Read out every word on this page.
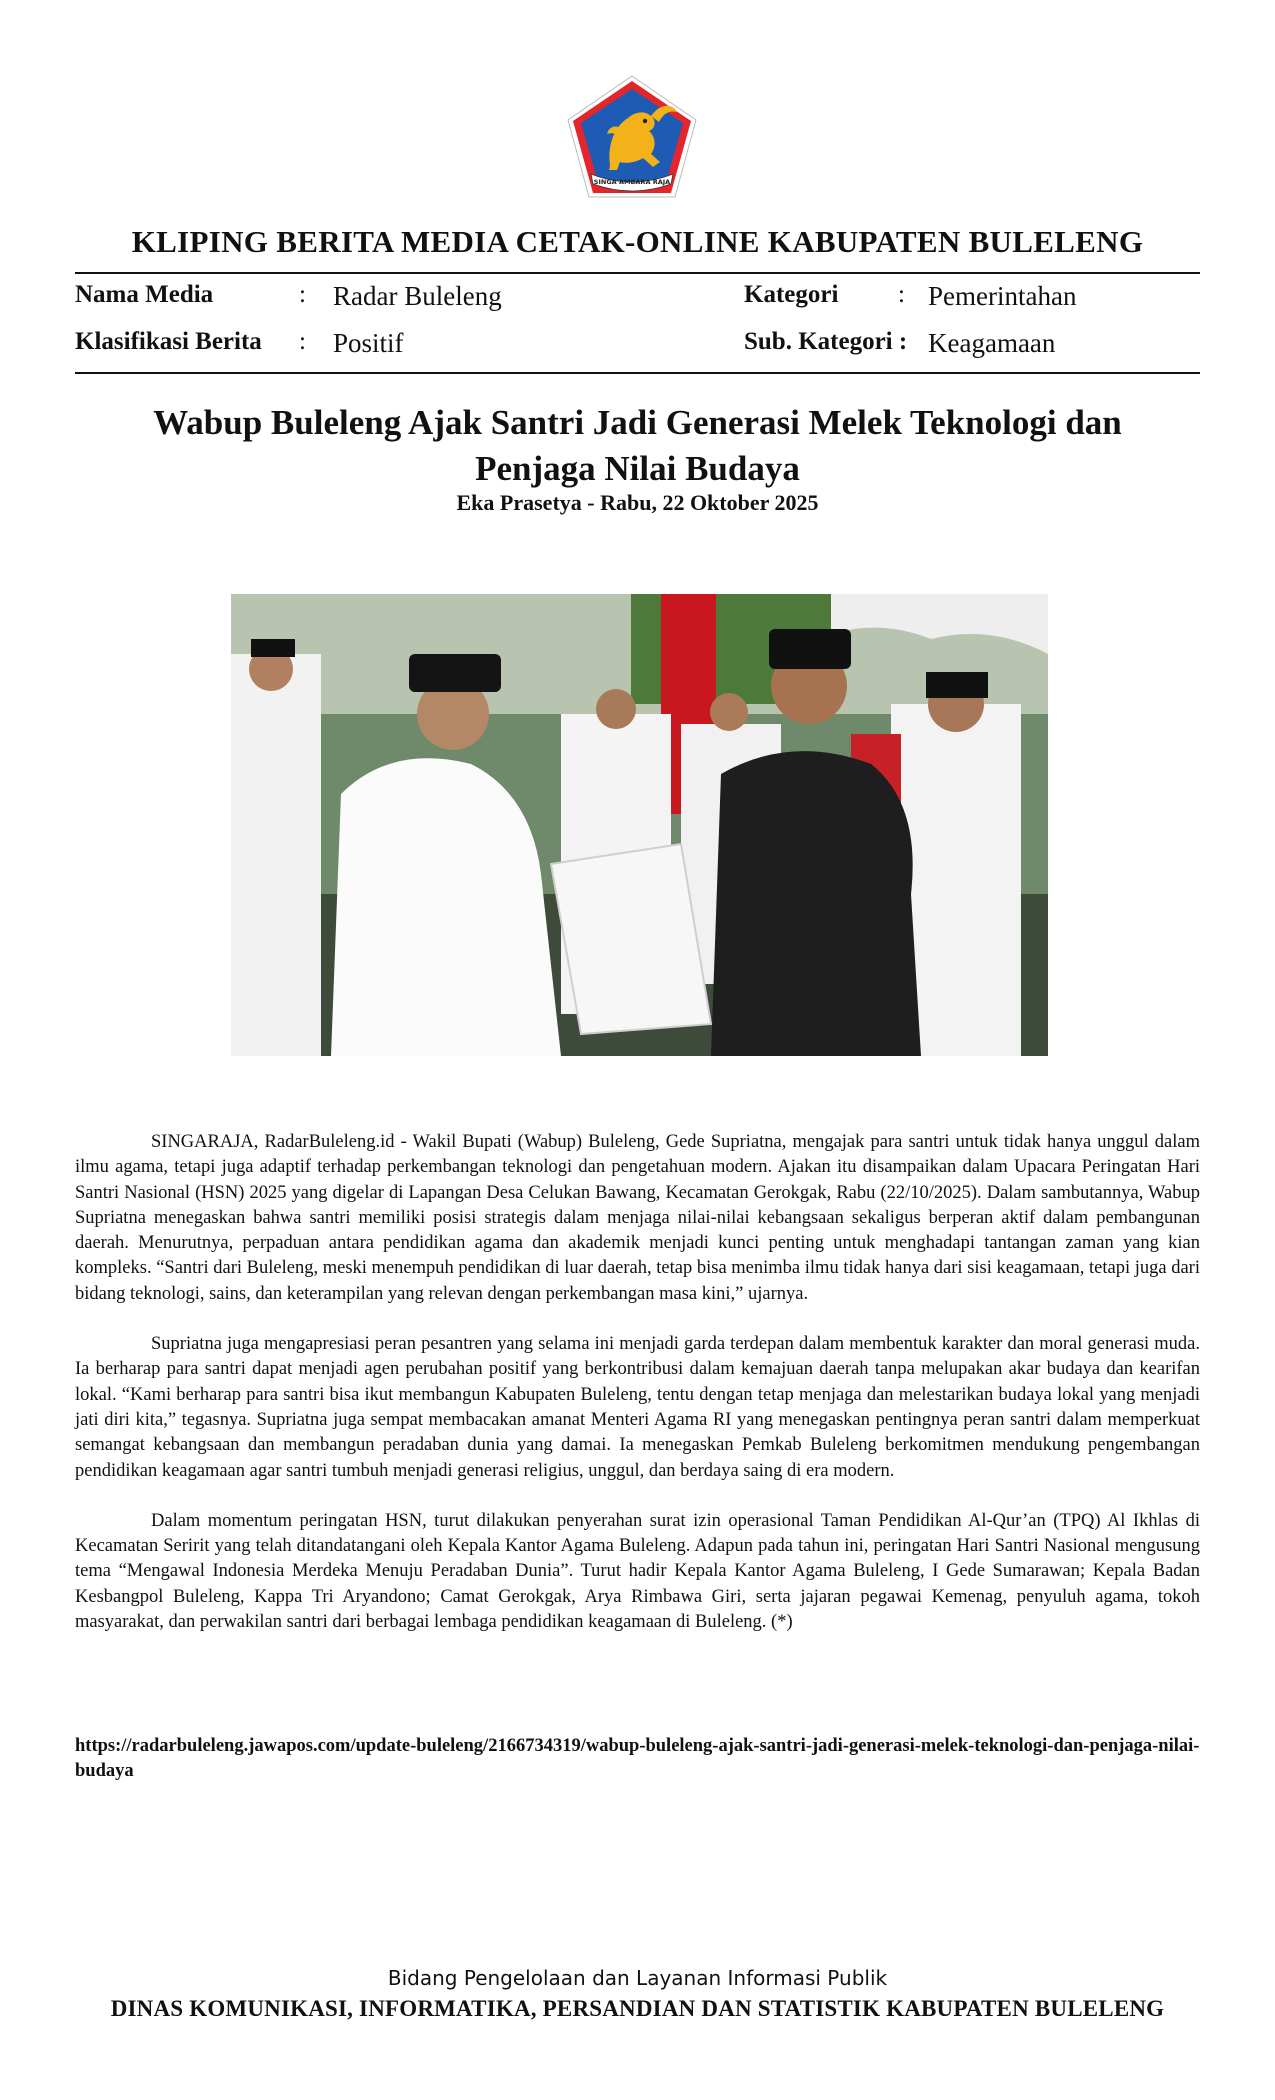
SINGA AMBARA RAJA
KLIPING BERITA MEDIA CETAK-ONLINE KABUPATEN BULELENG
Nama Media	: Radar Buleleng
Klasifikasi Berita : Positif
Kategori : Pemerintahan
Sub. Kategori : Keagamaan
Wabup Buleleng Ajak Santri Jadi Generasi Melek Teknologi dan Penjaga Nilai Budaya
Eka Prasetya - Rabu, 22 Oktober 2025

SINGARAJA, RadarBuleleng.id - Wakil Bupati (Wabup) Buleleng, Gede Supriatna, mengajak para santri untuk tidak hanya unggul dalam ilmu agama, tetapi juga adaptif terhadap perkembangan teknologi dan pengetahuan modern. Ajakan itu disampaikan dalam Upacara Peringatan Hari Santri Nasional (HSN) 2025 yang digelar di Lapangan Desa Celukan Bawang, Kecamatan Gerokgak, Rabu (22/10/2025). Dalam sambutannya, Wabup Supriatna menegaskan bahwa santri memiliki posisi strategis dalam menjaga nilai-nilai kebangsaan sekaligus berperan aktif dalam pembangunan daerah. Menurutnya, perpaduan antara pendidikan agama dan akademik menjadi kunci penting untuk menghadapi tantangan zaman yang kian kompleks. “Santri dari Buleleng, meski menempuh pendidikan di luar daerah, tetap bisa menimba ilmu tidak hanya dari sisi keagamaan, tetapi juga dari bidang teknologi, sains, dan keterampilan yang relevan dengan perkembangan masa kini,” ujarnya.

Supriatna juga mengapresiasi peran pesantren yang selama ini menjadi garda terdepan dalam membentuk karakter dan moral generasi muda. Ia berharap para santri dapat menjadi agen perubahan positif yang berkontribusi dalam kemajuan daerah tanpa melupakan akar budaya dan kearifan lokal. “Kami berharap para santri bisa ikut membangun Kabupaten Buleleng, tentu dengan tetap menjaga dan melestarikan budaya lokal yang menjadi jati diri kita,” tegasnya. Supriatna juga sempat membacakan amanat Menteri Agama RI yang menegaskan pentingnya peran santri dalam memperkuat semangat kebangsaan dan membangun peradaban dunia yang damai. Ia menegaskan Pemkab Buleleng berkomitmen mendukung pengembangan pendidikan keagamaan agar santri tumbuh menjadi generasi religius, unggul, dan berdaya saing di era modern.

Dalam momentum peringatan HSN, turut dilakukan penyerahan surat izin operasional Taman Pendidikan Al-Qur’an (TPQ) Al Ikhlas di Kecamatan Seririt yang telah ditandatangani oleh Kepala Kantor Agama Buleleng. Adapun pada tahun ini, peringatan Hari Santri Nasional mengusung tema “Mengawal Indonesia Merdeka Menuju Peradaban Dunia”. Turut hadir Kepala Kantor Agama Buleleng, I Gede Sumarawan; Kepala Badan Kesbangpol Buleleng, Kappa Tri Aryandono; Camat Gerokgak, Arya Rimbawa Giri, serta jajaran pegawai Kemenag, penyuluh agama, tokoh masyarakat, dan perwakilan santri dari berbagai lembaga pendidikan keagamaan di Buleleng. (*)

https://radarbuleleng.jawapos.com/update-buleleng/2166734319/wabup-buleleng-ajak-santri-jadi-generasi-melek-teknologi-dan-penjaga-nilai-budaya
Bidang Pengelolaan dan Layanan Informasi Publik
DINAS KOMUNIKASI, INFORMATIKA, PERSANDIAN DAN STATISTIK KABUPATEN BULELENG
